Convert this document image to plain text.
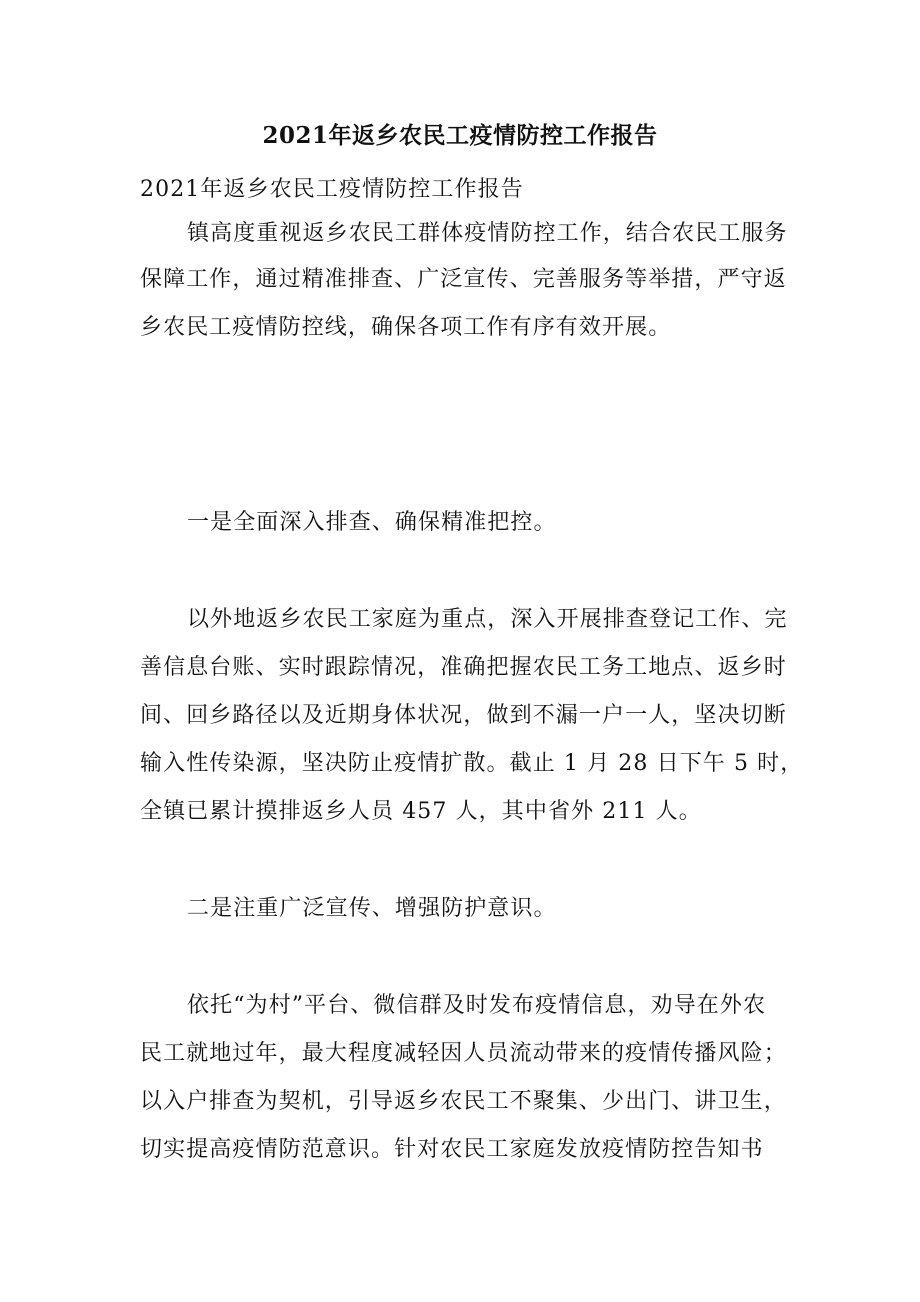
2021年返乡农民工疫情防控工作报告
2021年返乡农民工疫情防控工作报告
镇高度重视返乡农民工群体疫情防控工作，结合农民工服务
保障工作，通过精准排查、广泛宣传、完善服务等举措，严守返
乡农民工疫情防控线，确保各项工作有序有效开展。
一是全面深入排查、确保精准把控。
以外地返乡农民工家庭为重点，深入开展排查登记工作、完
善信息台账、实时跟踪情况，准确把握农民工务工地点、返乡时
间、回乡路径以及近期身体状况，做到不漏一户一人，坚决切断
输入性传染源，坚决防止疫情扩散。截止 1 月 28 日下午 5 时，
全镇已累计摸排返乡人员 457 人，其中省外 211 人。
二是注重广泛宣传、增强防护意识。
依托“为村”平台、微信群及时发布疫情信息，劝导在外农
民工就地过年，最大程度减轻因人员流动带来的疫情传播风险；
以入户排查为契机，引导返乡农民工不聚集、少出门、讲卫生，
切实提高疫情防范意识。针对农民工家庭发放疫情防控告知书
